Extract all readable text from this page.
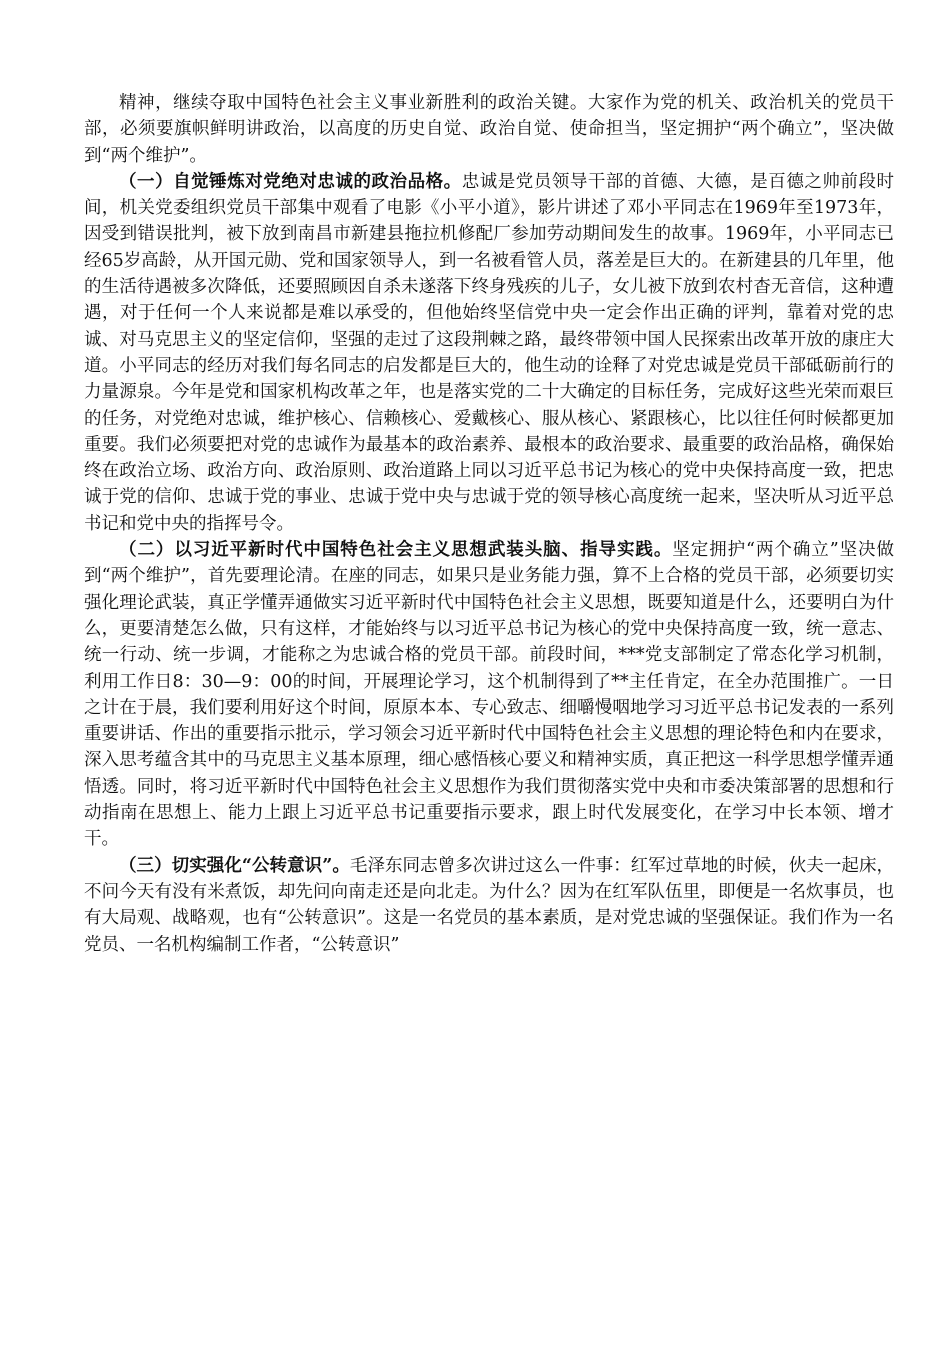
精神，继续夺取中国特色社会主义事业新胜利的政治关键。大家作为党的机关、政治机关的党员干部，必须要旗帜鲜明讲政治，以高度的历史自觉、政治自觉、使命担当，坚定拥护“两个确立”，坚决做到“两个维护”。

（一）自觉锤炼对党绝对忠诚的政治品格。忠诚是党员领导干部的首德、大德，是百德之帅前段时间，机关党委组织党员干部集中观看了电影《小平小道》，影片讲述了邓小平同志在1969年至1973年，因受到错误批判，被下放到南昌市新建县拖拉机修配厂参加劳动期间发生的故事。1969年，小平同志已经65岁高龄，从开国元勋、党和国家领导人，到一名被看管人员，落差是巨大的。在新建县的几年里，他的生活待遇被多次降低，还要照顾因自杀未遂落下终身残疾的儿子，女儿被下放到农村杳无音信，这种遭遇，对于任何一个人来说都是难以承受的，但他始终坚信党中央一定会作出正确的评判，靠着对党的忠诚、对马克思主义的坚定信仰，坚强的走过了这段荆棘之路，最终带领中国人民探索出改革开放的康庄大道。小平同志的经历对我们每名同志的启发都是巨大的，他生动的诠释了对党忠诚是党员干部砥砺前行的力量源泉。今年是党和国家机构改革之年，也是落实党的二十大确定的目标任务，完成好这些光荣而艰巨的任务，对党绝对忠诚，维护核心、信赖核心、爱戴核心、服从核心、紧跟核心，比以往任何时候都更加重要。我们必须要把对党的忠诚作为最基本的政治素养、最根本的政治要求、最重要的政治品格，确保始终在政治立场、政治方向、政治原则、政治道路上同以习近平总书记为核心的党中央保持高度一致，把忠诚于党的信仰、忠诚于党的事业、忠诚于党中央与忠诚于党的领导核心高度统一起来，坚决听从习近平总书记和党中央的指挥号令。

（二）以习近平新时代中国特色社会主义思想武装头脑、指导实践。坚定拥护“两个确立”坚决做到“两个维护”，首先要理论清。在座的同志，如果只是业务能力强，算不上合格的党员干部，必须要切实强化理论武装，真正学懂弄通做实习近平新时代中国特色社会主义思想，既要知道是什么，还要明白为什么，更要清楚怎么做，只有这样，才能始终与以习近平总书记为核心的党中央保持高度一致，统一意志、统一行动、统一步调，才能称之为忠诚合格的党员干部。前段时间，***党支部制定了常态化学习机制，利用工作日8：30—9：00的时间，开展理论学习，这个机制得到了**主任肯定，在全办范围推广。一日之计在于晨，我们要利用好这个时间，原原本本、专心致志、细嚼慢咽地学习习近平总书记发表的一系列重要讲话、作出的重要指示批示，学习领会习近平新时代中国特色社会主义思想的理论特色和内在要求，深入思考蕴含其中的马克思主义基本原理，细心感悟核心要义和精神实质，真正把这一科学思想学懂弄通悟透。同时，将习近平新时代中国特色社会主义思想作为我们贯彻落实党中央和市委决策部署的思想和行动指南在思想上、能力上跟上习近平总书记重要指示要求，跟上时代发展变化，在学习中长本领、增才干。

（三）切实强化“公转意识”。毛泽东同志曾多次讲过这么一件事：红军过草地的时候，伙夫一起床，不问今天有没有米煮饭，却先问向南走还是向北走。为什么？因为在红军队伍里，即便是一名炊事员，也有大局观、战略观，也有“公转意识”。这是一名党员的基本素质，是对党忠诚的坚强保证。我们作为一名党员、一名机构编制工作者，“公转意识”
